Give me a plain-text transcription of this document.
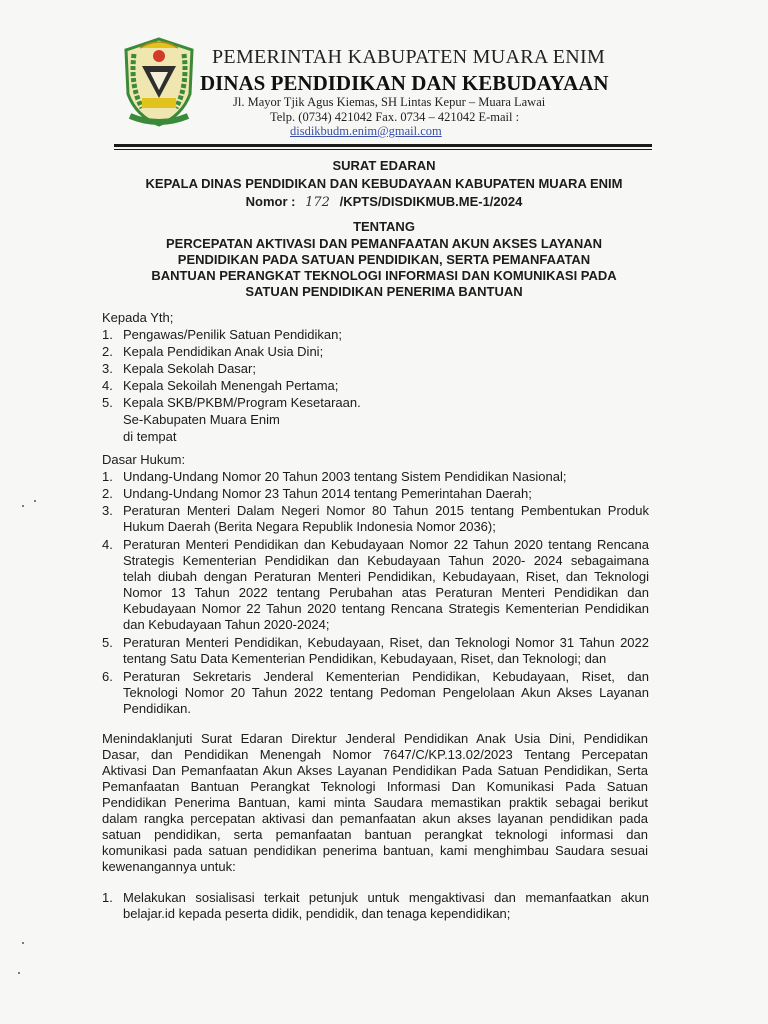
PEMERINTAH KABUPATEN MUARA ENIM
DINAS PENDIDIKAN DAN KEBUDAYAAN
Jl. Mayor Tjik Agus Kiemas, SH Lintas Kepur – Muara Lawai
Telp. (0734) 421042 Fax. 0734 – 421042 E-mail :
disdikbudm.enim@gmail.com
SURAT EDARAN
KEPALA DINAS PENDIDIKAN DAN KEBUDAYAAN KABUPATEN MUARA ENIM
Nomor : 172 /KPTS/DISDIKMUB.ME-1/2024
TENTANG
PERCEPATAN AKTIVASI DAN PEMANFAATAN AKUN AKSES LAYANAN
PENDIDIKAN PADA SATUAN PENDIDIKAN, SERTA PEMANFAATAN
BANTUAN PERANGKAT TEKNOLOGI INFORMASI DAN KOMUNIKASI PADA
SATUAN PENDIDIKAN PENERIMA BANTUAN
Kepada Yth;
1. Pengawas/Penilik Satuan Pendidikan;
2. Kepala Pendidikan Anak Usia Dini;
3. Kepala Sekolah Dasar;
4. Kepala Sekoilah Menengah Pertama;
5. Kepala SKB/PKBM/Program Kesetaraan.
Se-Kabupaten Muara Enim
di tempat
Dasar Hukum:
1. Undang-Undang Nomor 20 Tahun 2003 tentang Sistem Pendidikan Nasional;
2. Undang-Undang Nomor 23 Tahun 2014 tentang Pemerintahan Daerah;
3. Peraturan Menteri Dalam Negeri Nomor 80 Tahun 2015 tentang Pembentukan Produk
Hukum Daerah (Berita Negara Republik Indonesia Nomor 2036);
4. Peraturan Menteri Pendidikan dan Kebudayaan Nomor 22 Tahun 2020 tentang Rencana
Strategis Kementerian Pendidikan dan Kebudayaan Tahun 2020- 2024 sebagaimana
telah diubah dengan Peraturan Menteri Pendidikan, Kebudayaan, Riset, dan Teknologi
Nomor 13 Tahun 2022 tentang Perubahan atas Peraturan Menteri Pendidikan dan
Kebudayaan Nomor 22 Tahun 2020 tentang Rencana Strategis Kementerian Pendidikan
dan Kebudayaan Tahun 2020-2024;
5. Peraturan Menteri Pendidikan, Kebudayaan, Riset, dan Teknologi Nomor 31 Tahun 2022
tentang Satu Data Kementerian Pendidikan, Kebudayaan, Riset, dan Teknologi; dan
6. Peraturan Sekretaris Jenderal Kementerian Pendidikan, Kebudayaan, Riset, dan
Teknologi Nomor 20 Tahun 2022 tentang Pedoman Pengelolaan Akun Akses Layanan
Pendidikan.
Menindaklanjuti Surat Edaran Direktur Jenderal Pendidikan Anak Usia Dini, Pendidikan
Dasar, dan Pendidikan Menengah Nomor 7647/C/KP.13.02/2023 Tentang Percepatan
Aktivasi Dan Pemanfaatan Akun Akses Layanan Pendidikan Pada Satuan Pendidikan, Serta
Pemanfaatan Bantuan Perangkat Teknologi Informasi Dan Komunikasi Pada Satuan
Pendidikan Penerima Bantuan, kami minta Saudara memastikan praktik sebagai berikut
dalam rangka percepatan aktivasi dan pemanfaatan akun akses layanan pendidikan pada
satuan pendidikan, serta pemanfaatan bantuan perangkat teknologi informasi dan
komunikasi pada satuan pendidikan penerima bantuan, kami menghimbau Saudara sesuai
kewenangannya untuk:
1. Melakukan sosialisasi terkait petunjuk untuk mengaktivasi dan memanfaatkan akun
belajar.id kepada peserta didik, pendidik, dan tenaga kependidikan;
